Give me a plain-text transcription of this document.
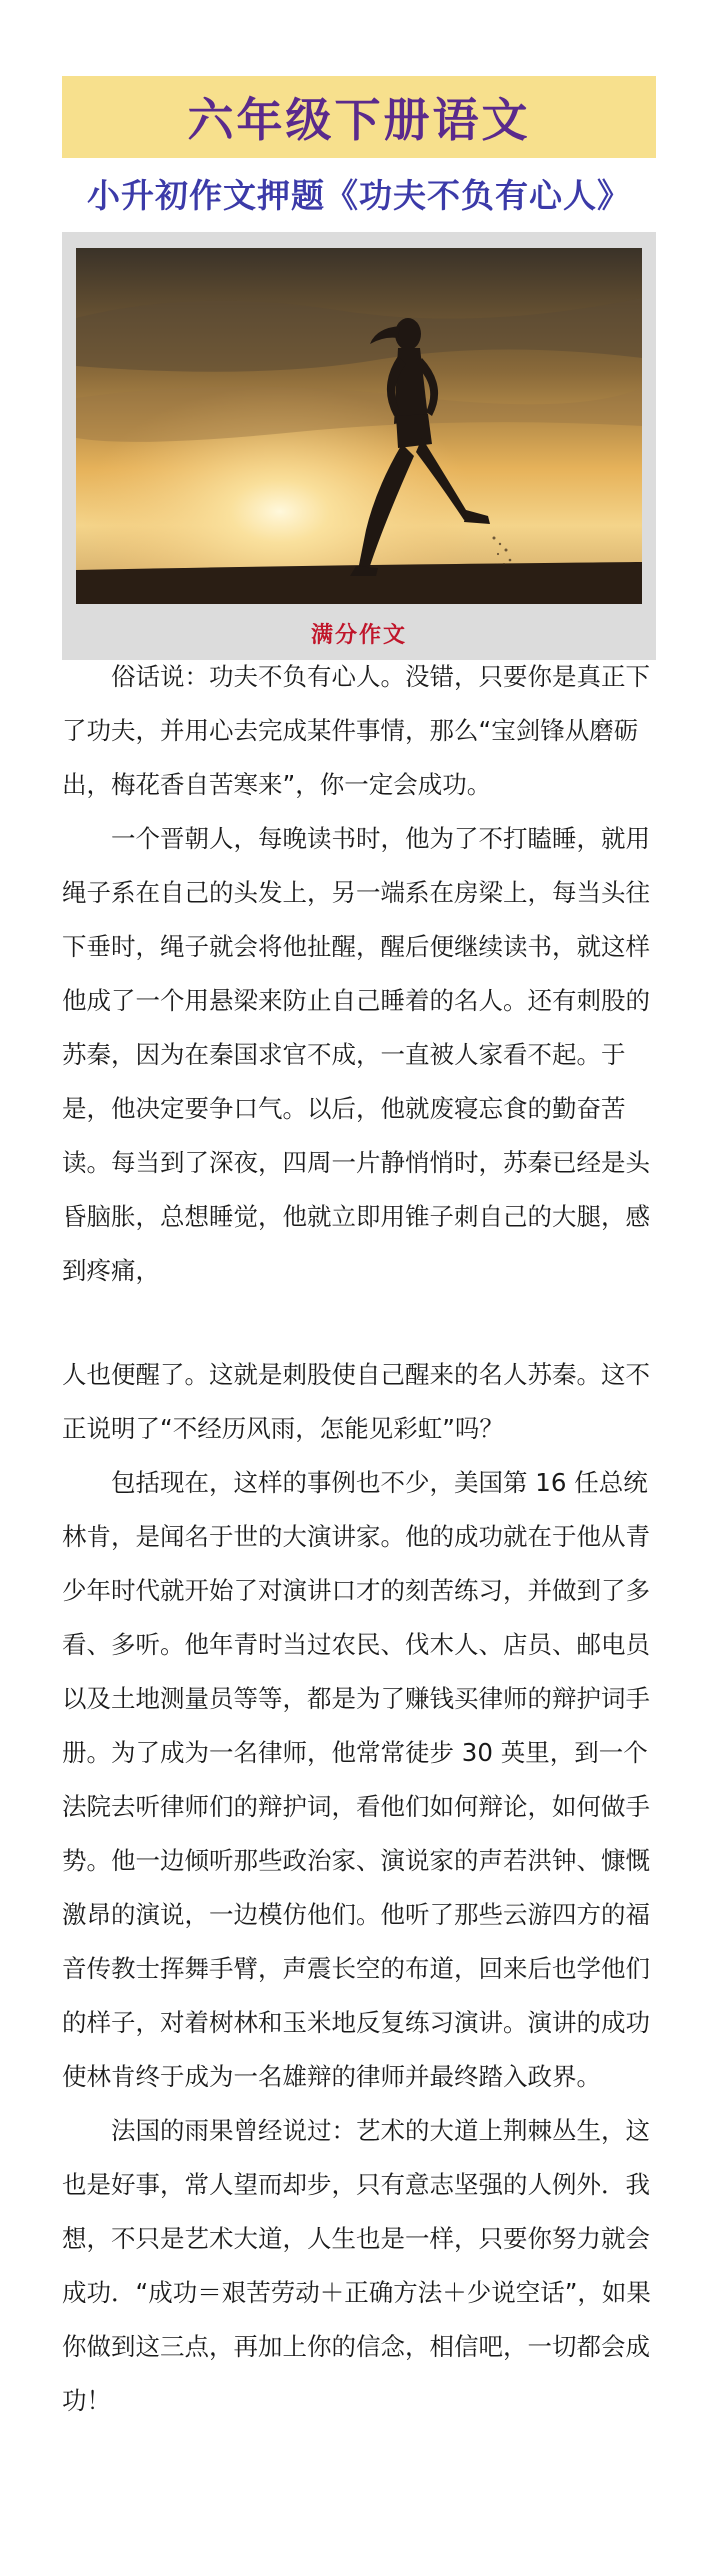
六年级下册语文
小升初作文押题《功夫不负有心人》
满分作文

俗话说：功夫不负有心人。没错，只要你是真正下了功夫，并用心去完成某件事情，那么“宝剑锋从磨砺出，梅花香自苦寒来”，你一定会成功。

一个晋朝人，每晚读书时，他为了不打瞌睡，就用绳子系在自己的头发上，另一端系在房梁上，每当头往下垂时，绳子就会将他扯醒，醒后便继续读书，就这样他成了一个用悬梁来防止自己睡着的名人。还有刺股的苏秦，因为在秦国求官不成，一直被人家看不起。于是，他决定要争口气。以后，他就废寝忘食的勤奋苦读。每当到了深夜，四周一片静悄悄时，苏秦已经是头昏脑胀，总想睡觉，他就立即用锥子刺自己的大腿，感到疼痛，

人也便醒了。这就是刺股使自己醒来的名人苏秦。这不正说明了“不经历风雨，怎能见彩虹”吗？

包括现在，这样的事例也不少，美国第 16 任总统林肯，是闻名于世的大演讲家。他的成功就在于他从青少年时代就开始了对演讲口才的刻苦练习，并做到了多看、多听。他年青时当过农民、伐木人、店员、邮电员以及土地测量员等等，都是为了赚钱买律师的辩护词手册。为了成为一名律师，他常常徒步 30 英里，到一个法院去听律师们的辩护词，看他们如何辩论，如何做手势。他一边倾听那些政治家、演说家的声若洪钟、慷慨激昂的演说，一边模仿他们。他听了那些云游四方的福音传教士挥舞手臂，声震长空的布道，回来后也学他们的样子，对着树林和玉米地反复练习演讲。演讲的成功使林肯终于成为一名雄辩的律师并最终踏入政界。

法国的雨果曾经说过：艺术的大道上荆棘丛生，这也是好事，常人望而却步，只有意志坚强的人例外．我想，不只是艺术大道，人生也是一样，只要你努力就会成功．“成功＝艰苦劳动＋正确方法＋少说空话”，如果你做到这三点，再加上你的信念，相信吧，一切都会成功！
